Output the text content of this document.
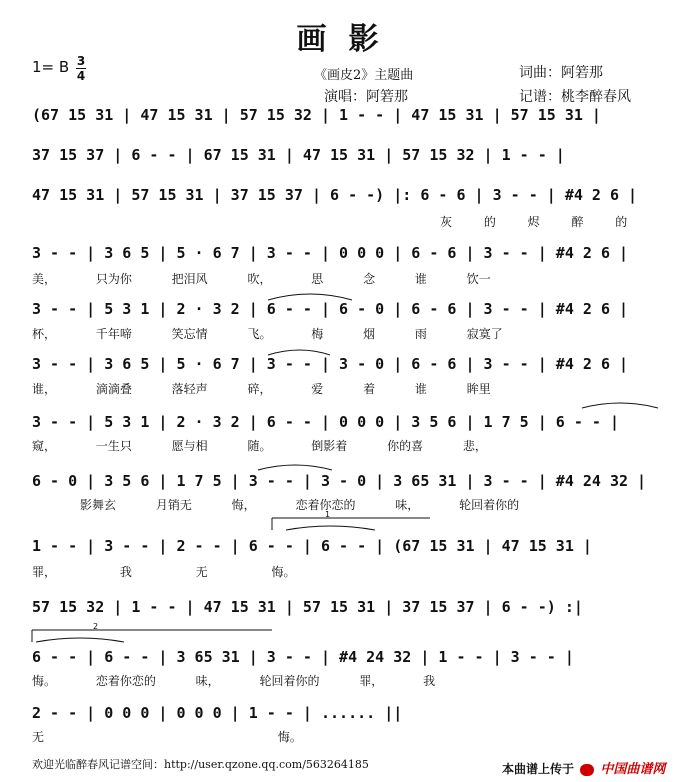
画影
1= B 3
4	《画皮2》主题曲	词曲：阿箬那
演唱：阿箬那	记谱：桃李醉春风
(67 15 31 | 47 15 31 | 57 15 32 | 1 - - | 47 15 31 | 57 15 31 |
37 15 37 | 6 - - | 67 15 31 | 47 15 31 | 57 15 32 | 1 - - |
47 15 31 | 57 15 31 | 37 15 37 | 6 - -) |: 6 - 6 | 3 - - | #4 2 6 |
灰 的 烬 醉 的
3 - - | 3 6 5 | 5 · 6 7 | 3 - - | 0 0 0 | 6 - 6 | 3 - - | #4 2 6 |
美， 只为你 把泪风 吹， 思 念 谁 饮一
3 - - | 5 3 1 | 2 · 3 2 | 6 - - | 6 - 0 | 6 - 6 | 3 - - | #4 2 6 |
杯， 千年啼 笑忘情 飞。 梅 烟 雨 寂寞了
3 - - | 3 6 5 | 5 · 6 7 | 3 - - | 3 - 0 | 6 - 6 | 3 - - | #4 2 6 |
谁， 滴滴叠 落轻声 碎， 爱 着 谁 眸里
3 - - | 5 3 1 | 2 · 3 2 | 6 - - | 0 0 0 | 3 5 6 | 1 7 5 | 6 - - |
窥， 一生只 愿与相 随。 倒影着 你的喜 悲，
6 - 0 | 3 5 6 | 1 7 5 | 3 - - | 3 - 0 | 3 65 31 | 3 - - | #4 24 32 |
影舞玄 月销无 悔， 恋着你恋的 味， 轮回着你的
1 - - | 3 - - | 2 - - | 6 - - | 6 - - | (67 15 31 | 47 15 31 |
罪， 我 无 悔。
57 15 32 | 1 - - | 47 15 31 | 57 15 31 | 37 15 37 | 6 - -) :|
6 - - | 6 - - | 3 65 31 | 3 - - | #4 24 32 | 1 - - | 3 - - |
悔。 恋着你恋的 味， 轮回着你的 罪， 我
2 - - | 0 0 0 | 0 0 0 | 1 - - | ...... ||
无 悔。
1
2
欢迎光临醉春风记谱空间：http://user.qzone.qq.com/563264185	本曲谱上传于 中国曲谱网
